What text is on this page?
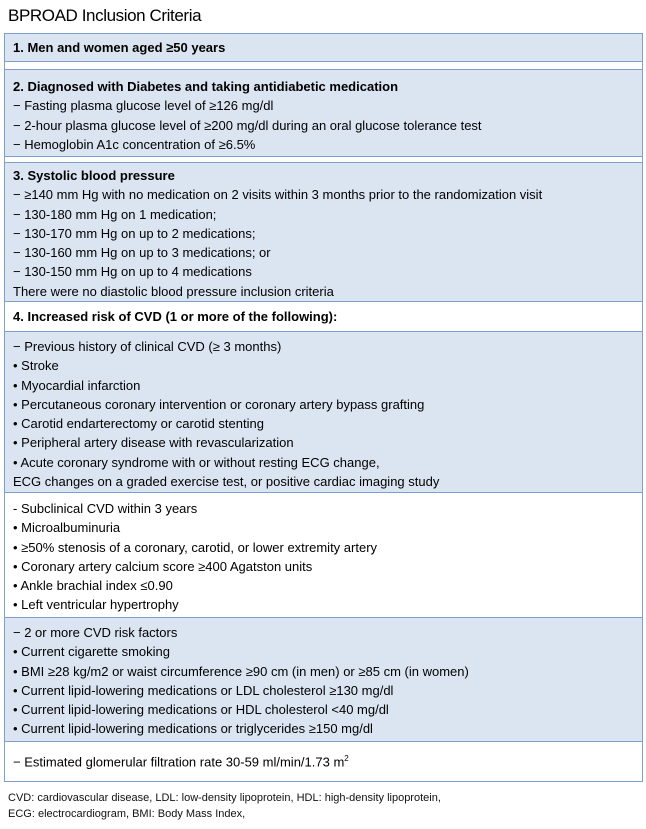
BPROAD Inclusion Criteria
1. Men and women aged ≥50 years
2. Diagnosed with Diabetes and taking antidiabetic medication
− Fasting plasma glucose level of ≥126 mg/dl
− 2-hour plasma glucose level of ≥200 mg/dl during an oral glucose tolerance test
− Hemoglobin A1c concentration of ≥6.5%
3. Systolic blood pressure
− ≥140 mm Hg with no medication on 2 visits within 3 months prior to the randomization visit
− 130-180 mm Hg on 1 medication;
− 130-170 mm Hg on up to 2 medications;
− 130-160 mm Hg on up to 3 medications; or
− 130-150 mm Hg on up to 4 medications
There were no diastolic blood pressure inclusion criteria
4. Increased risk of CVD (1 or more of the following):
− Previous history of clinical CVD (≥ 3 months)
• Stroke
• Myocardial infarction
• Percutaneous coronary intervention or coronary artery bypass grafting
• Carotid endarterectomy or carotid stenting
• Peripheral artery disease with revascularization
• Acute coronary syndrome with or without resting ECG change,
ECG changes on a graded exercise test, or positive cardiac imaging study
- Subclinical CVD within 3 years
• Microalbuminuria
• ≥50% stenosis of a coronary, carotid, or lower extremity artery
• Coronary artery calcium score ≥400 Agatston units
• Ankle brachial index ≤0.90
• Left ventricular hypertrophy
− 2 or more CVD risk factors
• Current cigarette smoking
• BMI ≥28 kg/m2 or waist circumference ≥90 cm (in men) or ≥85 cm (in women)
• Current lipid-lowering medications or LDL cholesterol ≥130 mg/dl
• Current lipid-lowering medications or HDL cholesterol <40 mg/dl
• Current lipid-lowering medications or triglycerides ≥150 mg/dl
− Estimated glomerular filtration rate 30-59 ml/min/1.73 $m^2$
CVD: cardiovascular disease, LDL: low-density lipoprotein, HDL: high-density lipoprotein,
ECG: electrocardiogram, BMI: Body Mass Index,
